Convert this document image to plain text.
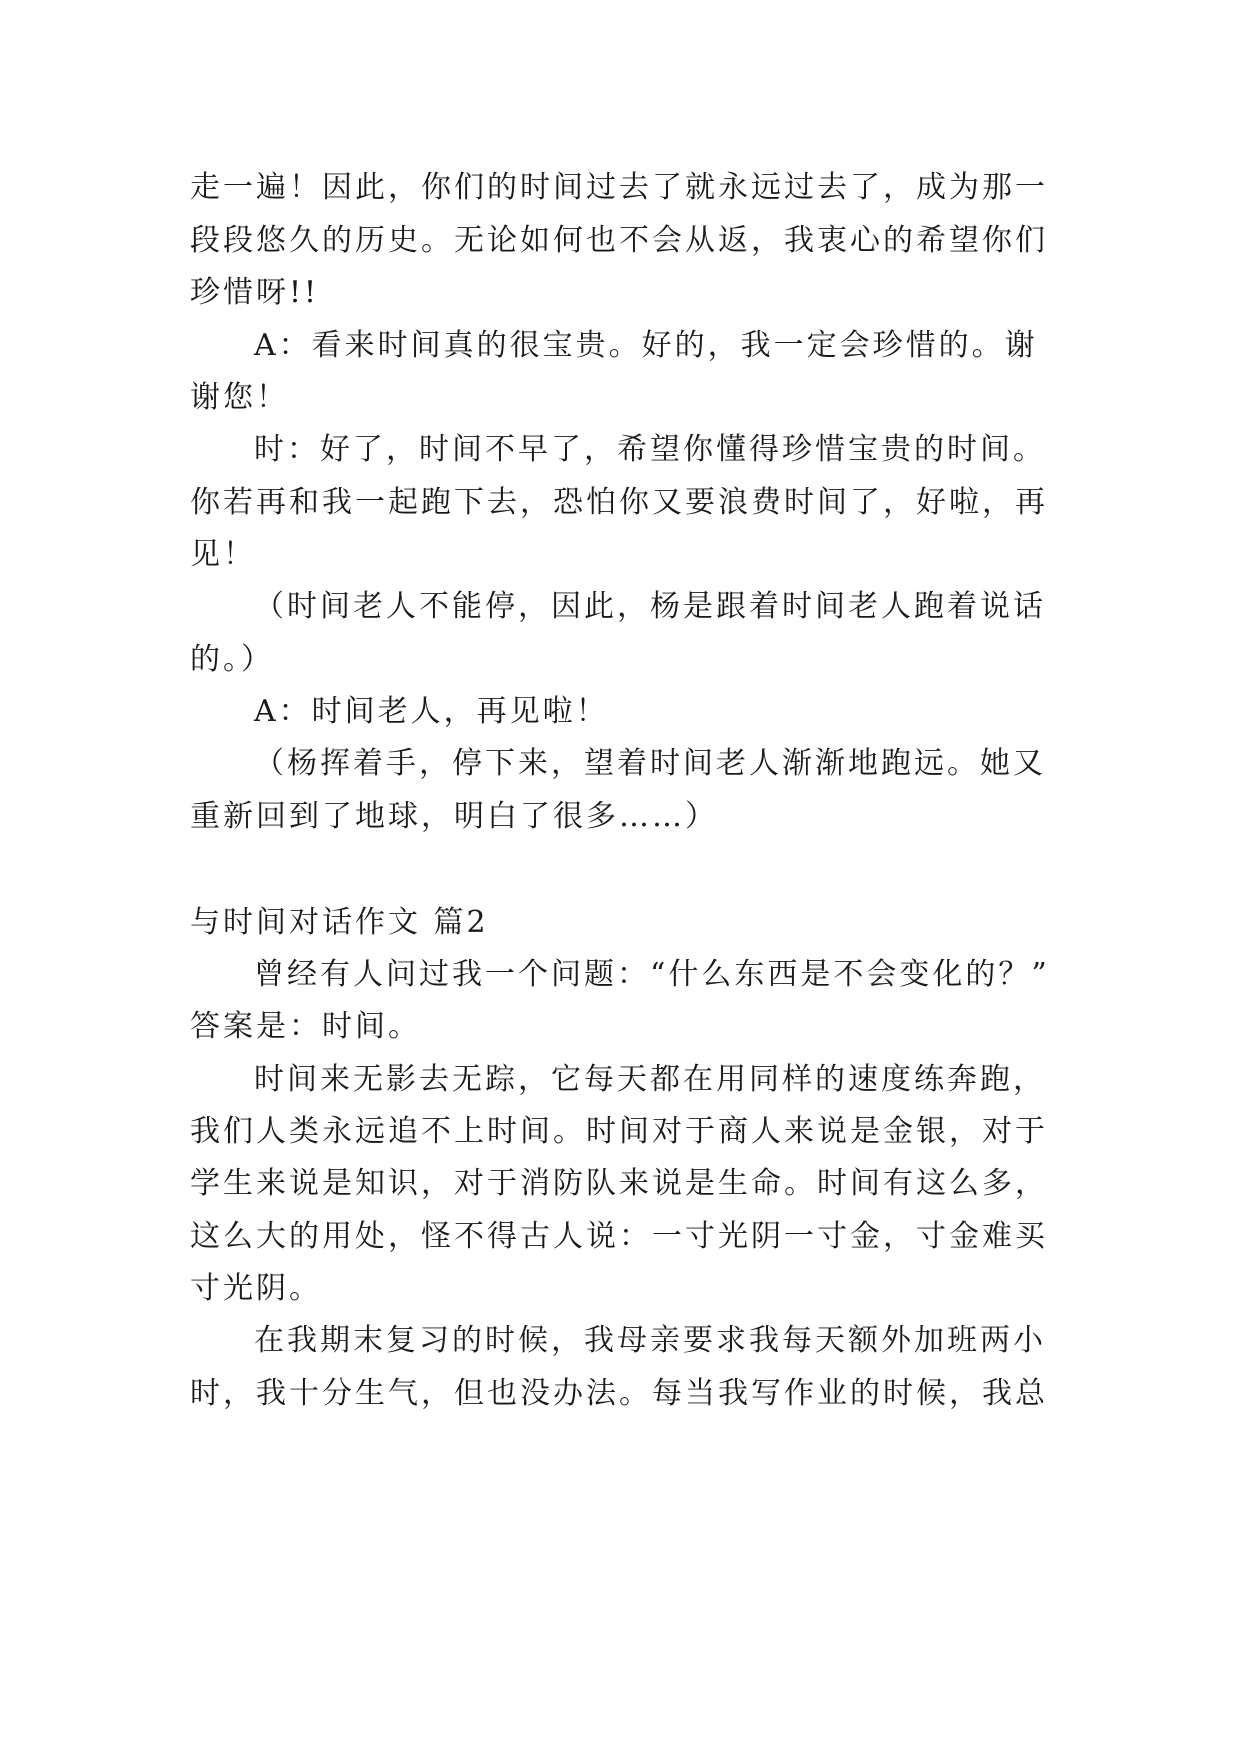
走一遍！因此，你们的时间过去了就永远过去了，成为那一
段段悠久的历史。无论如何也不会从返，我衷心的希望你们
珍惜呀!!
A：看来时间真的很宝贵。好的，我一定会珍惜的。谢
谢您！
时：好了，时间不早了，希望你懂得珍惜宝贵的时间。
你若再和我一起跑下去，恐怕你又要浪费时间了，好啦，再
见！
（时间老人不能停，因此，杨是跟着时间老人跑着说话
的。）
A：时间老人，再见啦！
（杨挥着手，停下来，望着时间老人渐渐地跑远。她又
重新回到了地球，明白了很多……）
与时间对话作文 篇2
曾经有人问过我一个问题：“什么东西是不会变化的？”
答案是：时间。
时间来无影去无踪，它每天都在用同样的速度练奔跑，
我们人类永远追不上时间。时间对于商人来说是金银，对于
学生来说是知识，对于消防队来说是生命。时间有这么多，
这么大的用处，怪不得古人说：一寸光阴一寸金，寸金难买
寸光阴。
在我期末复习的时候，我母亲要求我每天额外加班两小
时，我十分生气，但也没办法。每当我写作业的时候，我总
